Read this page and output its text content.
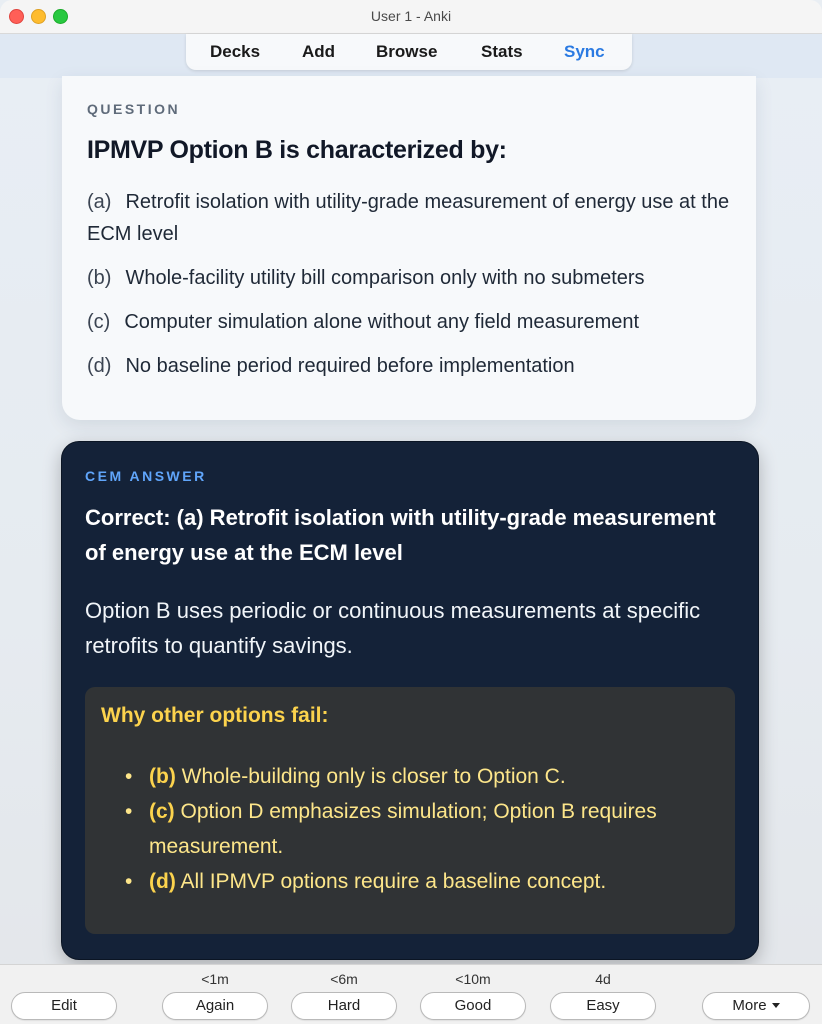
User 1 - Anki
Decks Add Browse	Stats Sync
QUESTION
IPMVP Option B is characterized by:
(a) Retrofit isolation with utility-grade measurement of energy use at the ECM level
(b) Whole-facility utility bill comparison only with no submeters
(c) Computer simulation alone without any field measurement
(d) No baseline period required before implementation
CEM ANSWER
Correct: (a) Retrofit isolation with utility-grade measurement of energy use at the ECM level
Option B uses periodic or continuous measurements at specific retrofits to quantify savings.
Why other options fail:
• (b) Whole-building only is closer to Option C.
• (c) Option D emphasizes simulation; Option B requires measurement.
• (d) All IPMVP options require a baseline concept.
Edit
<1m
Again
<6m
Hard
<10m
Good
4d
Easy	More
